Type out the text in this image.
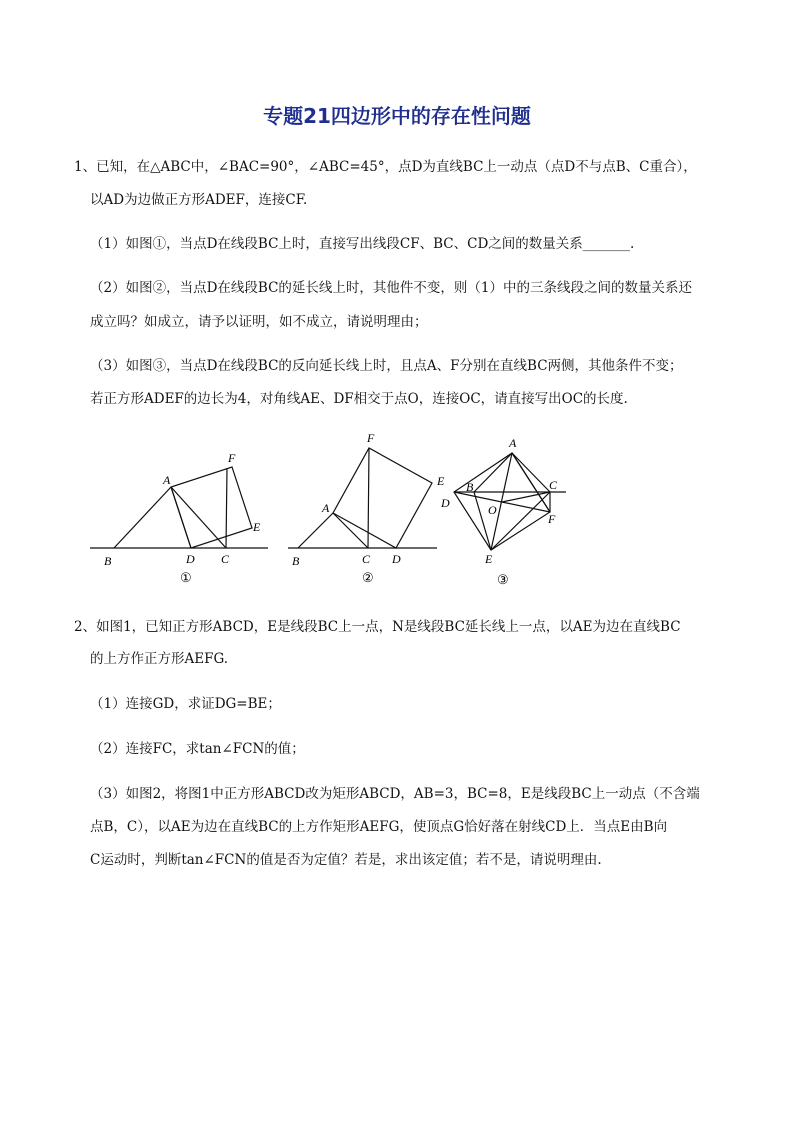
专题21四边形中的存在性问题
1、已知，在△ABC中，∠BAC=90°，∠ABC=45°，点D为直线BC上一动点（点D不与点B、C重合），
以AD为边做正方形ADEF，连接CF.
（1）如图①，当点D在线段BC上时，直接写出线段CF、BC、CD之间的数量关系_______.
（2）如图②，当点D在线段BC的延长线上时，其他件不变，则（1）中的三条线段之间的数量关系还
成立吗？如成立，请予以证明，如不成立，请说明理由；
（3）如图③，当点D在线段BC的反向延长线上时，且点A、F分别在直线BC两侧，其他条件不变；
若正方形ADEF的边长为4，对角线AE、DF相交于点O，连接OC，请直接写出OC的长度.
A
B	C
D
E
F
①
A
B	C D
E
F
②
A
B	C
D
E
F
O
③
2、如图1，已知正方形ABCD，E是线段BC上一点，N是线段BC延长线上一点，以AE为边在直线BC
的上方作正方形AEFG.
（1）连接GD，求证DG=BE；
（2）连接FC，求tan∠FCN的值；
（3）如图2，将图1中正方形ABCD改为矩形ABCD，AB=3，BC=8，E是线段BC上一动点（不含端
点B，C），以AE为边在直线BC的上方作矩形AEFG，使顶点G恰好落在射线CD上．当点E由B向
C运动时，判断tan∠FCN的值是否为定值？若是，求出该定值；若不是，请说明理由.
